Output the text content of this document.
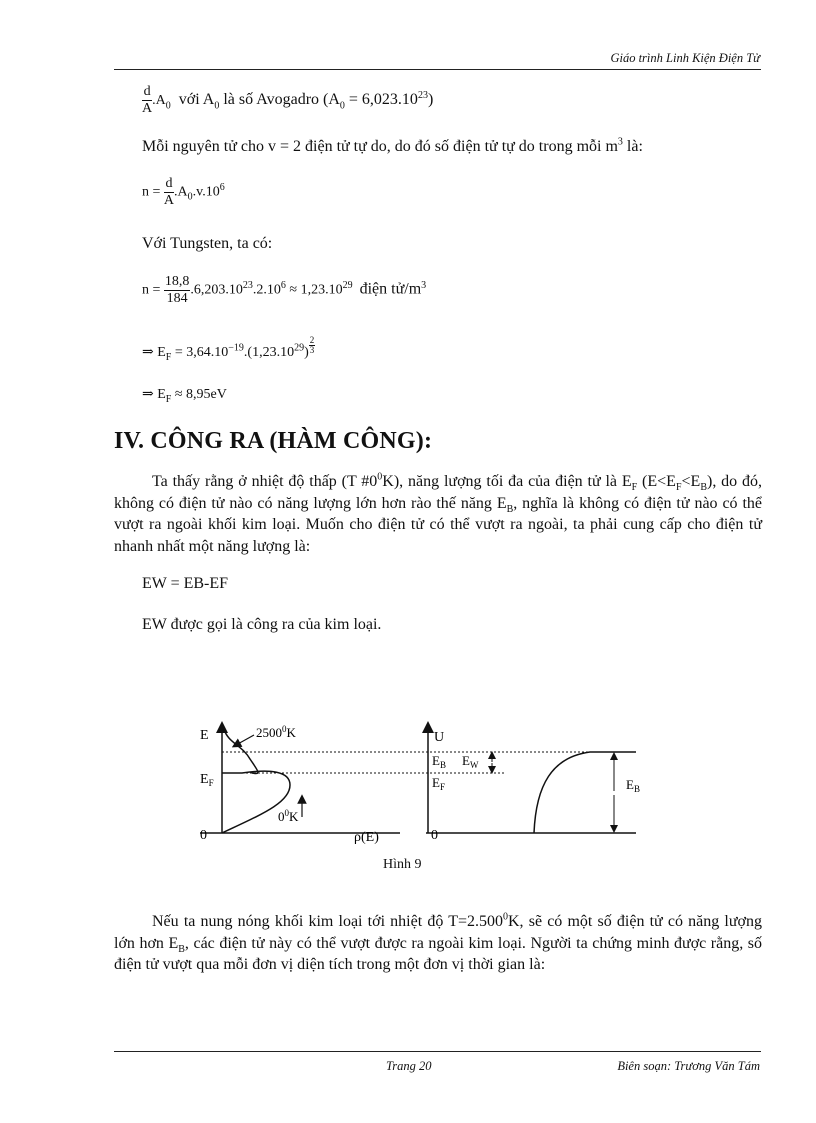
Giáo trình Linh Kiện Điện Tử
$\frac{d}{A} .A_0$ với $A_0$ là số Avogadro $(A_0 = 6,023.10^{23})$
Mỗi nguyên tử cho v = 2 điện tử tự do, do đó số điện tử tự do trong mỗi $m^3$ là:
$n = \frac{d}{A} .A_0.v.10^6$
Với Tungsten, ta có:
$n = \frac{18,8}{184} .6,203.10^{23}.2.10^6 \approx 1,23.10^{29}$ điện $tử/m^3$
⇒ $E_F = 3,64.10^{-19}.(1,23.10^{29}) \frac{2}{3}$
⇒ $E_F \approx 8,95eV$
IV. CÔNG RA (HÀM CÔNG):
Ta thấy rằng ở nhiệt độ thấp (T $\#0^0K$), năng lượng tối đa của điện tử là $E_F$ $(E<E_F<E_B)$, do đó, không có điện tử nào có năng lượng lớn hơn rào thế năng $E_B$, nghĩa là không có điện tử nào có thể vượt ra ngoài khối kim loại. Muốn cho điện tử có thể vượt ra ngoài, ta phải cung cấp cho điện tử nhanh nhất một năng lượng là:
EW = EB-EF
EW được gọi là công ra của kim loại.
E
$E_F$
0	ρ(E)
2500$^0$K
$0^0K$
U
$E_B$ $E_W$
$E_F$
0
$E_B$
Hình 9
Nếu ta nung nóng khối kim loại tới nhiệt độ $T=2.500^0K$, sẽ có một số điện tử có năng lượng lớn hơn $E_B$, các điện tử này có thể vượt được ra ngoài kim loại. Người ta chứng minh được rằng, số điện tử vượt qua mỗi đơn vị diện tích trong một đơn vị thời gian là:
Trang 20	Biên soạn: Trương Văn Tám
